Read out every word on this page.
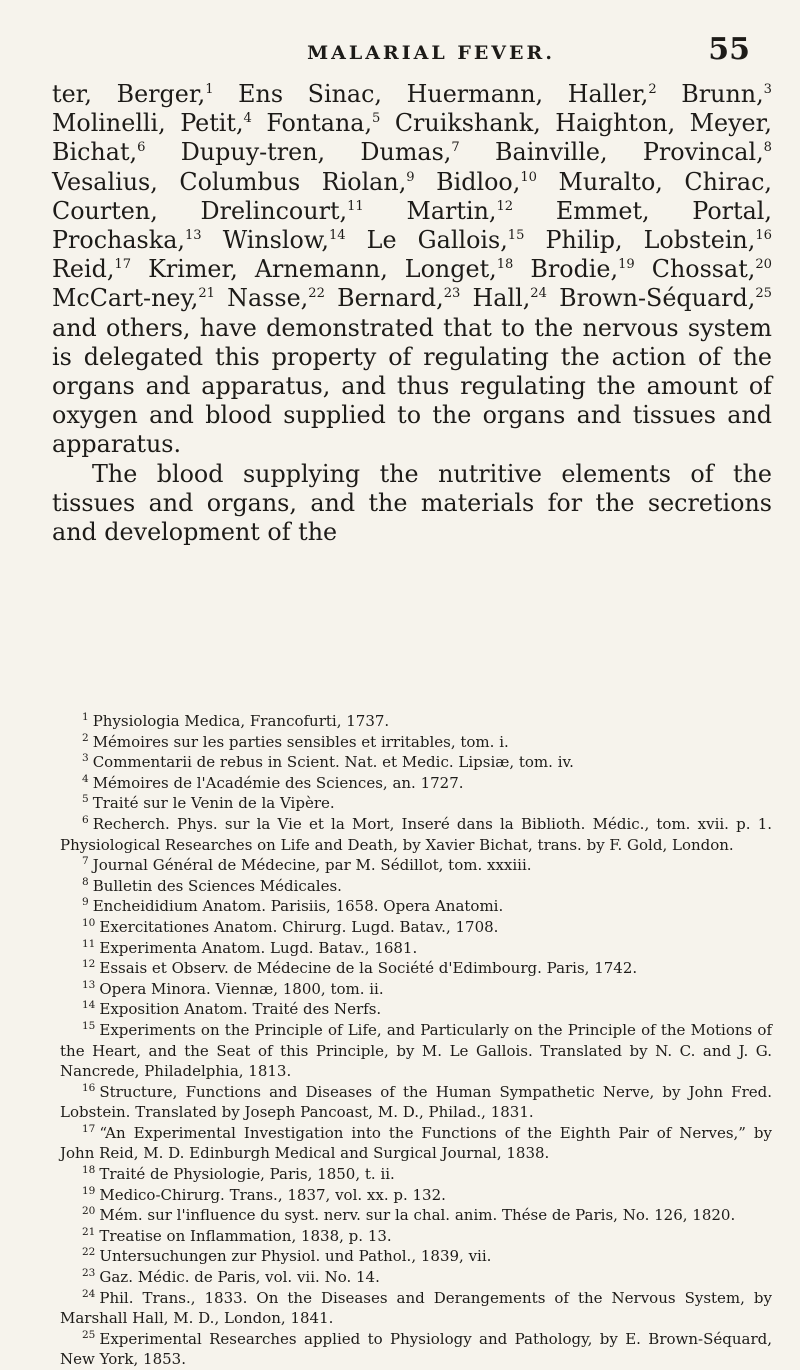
MALARIAL FEVER.	55

ter, Berger,$^1$ Ens Sinac, Huermann, Haller,$^2$ Brunn,$^3$ Molinelli, Petit,$^4$ Fontana,$^5$ Cruikshank, Haighton, Meyer, Bichat,$^6$ Dupuy-tren, Dumas,$^7$ Bainville, Provincal,$^8$ Vesalius, Columbus Riolan,$^9$ Bidloo,$^{10}$ Muralto, Chirac, Courten, Drelincourt,$^{11}$ Martin,$^{12}$ Emmet, Portal, Prochaska,$^{13}$ Winslow,$^{14}$ Le Gallois,$^{15}$ Philip, Lobstein,$^{16}$ Reid,$^{17}$ Krimer, Arnemann, Longet,$^{18}$ Brodie,$^{19}$ Chossat,$^{20}$ McCart-ney,$^{21}$ Nasse,$^{22}$ Bernard,$^{23}$ Hall,$^{24}$ Brown-Séquard,$^{25}$ and others, have demonstrated that to the nervous system is delegated this property of regulating the action of the organs and apparatus, and thus regulating the amount of oxygen and blood supplied to the organs and tissues and apparatus.

The blood supplying the nutritive elements of the tissues and organs, and the materials for the secretions and development of the

$^1$ Physiologia Medica, Francofurti, 1737.

$^2$ Mémoires sur les parties sensibles et irritables, tom. i.

$^3$ Commentarii de rebus in Scient. Nat. et Medic. Lipsiæ, tom. iv.

$^4$ Mémoires de l'Académie des Sciences, an. 1727.

$^5$ Traité sur le Venin de la Vipère.

$^6$ Recherch. Phys. sur la Vie et la Mort, Inseré dans la Biblioth. Médic., tom. xvii. p. 1. Physiological Researches on Life and Death, by Xavier Bichat, trans. by F. Gold, London.

$^7$ Journal Général de Médecine, par M. Sédillot, tom. xxxiii.

$^8$ Bulletin des Sciences Médicales.

$^9$ Encheididium Anatom. Parisiis, 1658. Opera Anatomi.

$^{10}$ Exercitationes Anatom. Chirurg. Lugd. Batav., 1708.

$^{11}$ Experimenta Anatom. Lugd. Batav., 1681.

$^{12}$ Essais et Observ. de Médecine de la Société d'Edimbourg. Paris, 1742.

$^{13}$ Opera Minora. Viennæ, 1800, tom. ii.

$^{14}$ Exposition Anatom. Traité des Nerfs.

$^{15}$ Experiments on the Principle of Life, and Particularly on the Principle of the Motions of the Heart, and the Seat of this Principle, by M. Le Gallois. Translated by N. C. and J. G. Nancrede, Philadelphia, 1813.

$^{16}$ Structure, Functions and Diseases of the Human Sympathetic Nerve, by John Fred. Lobstein. Translated by Joseph Pancoast, M. D., Philad., 1831.

$^{17}$ “An Experimental Investigation into the Functions of the Eighth Pair of Nerves,” by John Reid, M. D. Edinburgh Medical and Surgical Journal, 1838.

$^{18}$ Traité de Physiologie, Paris, 1850, t. ii.

$^{19}$ Medico-Chirurg. Trans., 1837, vol. xx. p. 132.

$^{20}$ Mém. sur l'influence du syst. nerv. sur la chal. anim. Thése de Paris, No. 126, 1820.

$^{21}$ Treatise on Inflammation, 1838, p. 13.

$^{22}$ Untersuchungen zur Physiol. und Pathol., 1839, vii.

$^{23}$ Gaz. Médic. de Paris, vol. vii. No. 14.

$^{24}$ Phil. Trans., 1833. On the Diseases and Derangements of the Nervous System, by Marshall Hall, M. D., London, 1841.

$^{25}$ Experimental Researches applied to Physiology and Pathology, by E. Brown-Séquard, New York, 1853.
